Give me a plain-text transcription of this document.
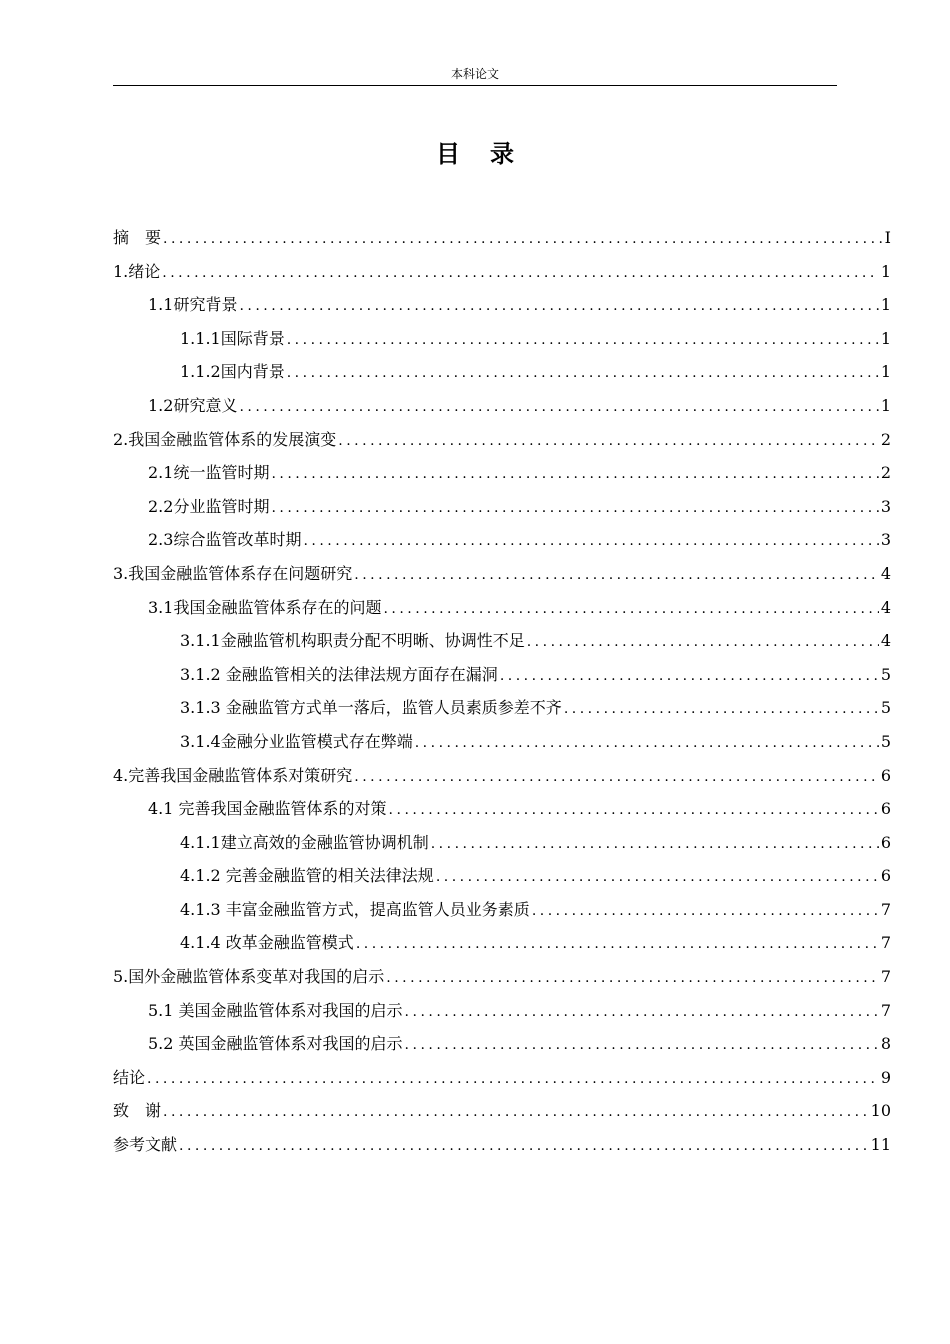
本科论文
目录
摘　要 .....	I
1.绪论 .....	1
1.1研究背景 .....	1
1.1.1国际背景 .....	1
1.1.2国内背景 .....	1
1.2研究意义 .....	1
2.我国金融监管体系的发展演变 .....	2
2.1统一监管时期 .....	2
2.2分业监管时期 .....	3
2.3综合监管改革时期 .....	3
3.我国金融监管体系存在问题研究 .....	4
3.1我国金融监管体系存在的问题 .....	4
3.1.1金融监管机构职责分配不明晰、协调性不足 .....	4
3.1.2 金融监管相关的法律法规方面存在漏洞 .....	5
3.1.3 金融监管方式单一落后，监管人员素质参差不齐 .....	5
3.1.4金融分业监管模式存在弊端 .....	5
4.完善我国金融监管体系对策研究 .....	6
4.1 完善我国金融监管体系的对策 .....	6
4.1.1建立高效的金融监管协调机制 .....	6
4.1.2 完善金融监管的相关法律法规 .....	6
4.1.3 丰富金融监管方式，提高监管人员业务素质 .....	7
4.1.4 改革金融监管模式 .....	7
5.国外金融监管体系变革对我国的启示 .....	7
5.1 美国金融监管体系对我国的启示 .....	7
5.2 英国金融监管体系对我国的启示 .....	8
结论 .....	9
致　谢 .....	10
参考文献 .....	11
